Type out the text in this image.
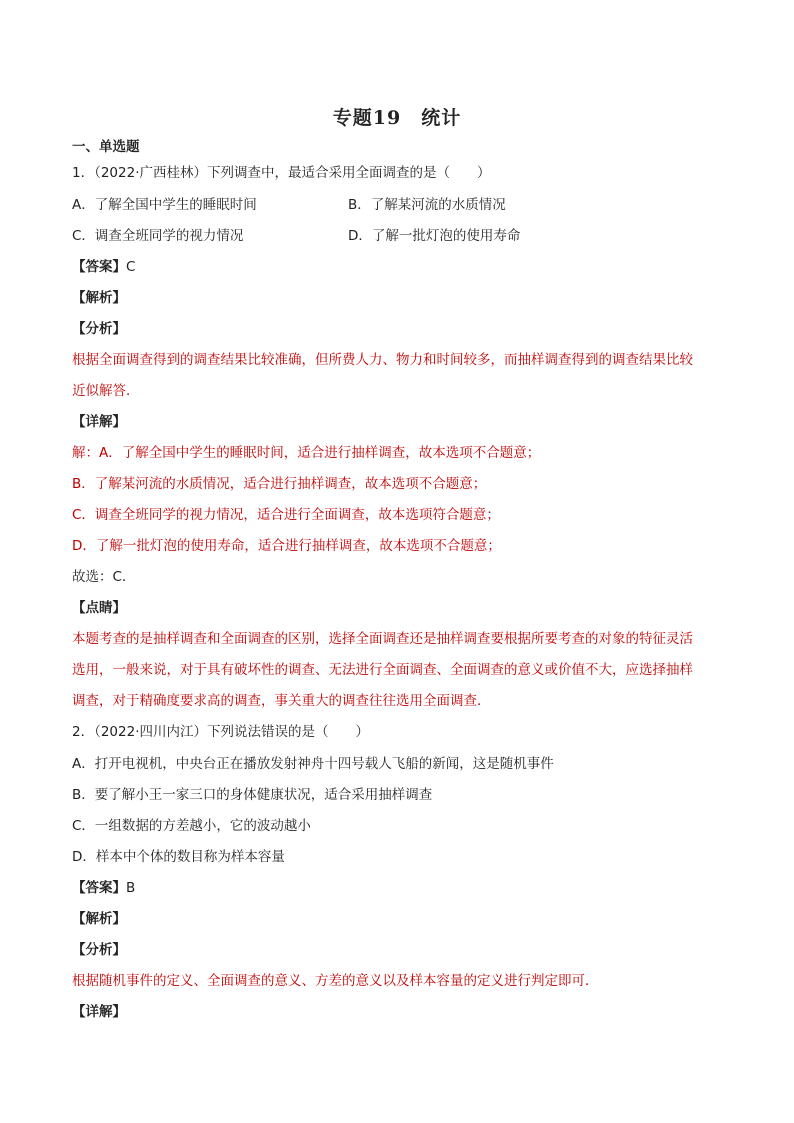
专题19　统计
一、单选题
1．（2022·广西桂林）下列调查中，最适合采用全面调查的是（　　）
A．了解全国中学生的睡眠时间	B．了解某河流的水质情况
C．调查全班同学的视力情况	D．了解一批灯泡的使用寿命
【答案】C
【解析】
【分析】
根据全面调查得到的调查结果比较准确，但所费人力、物力和时间较多，而抽样调查得到的调查结果比较
近似解答．
【详解】
解：A．了解全国中学生的睡眠时间，适合进行抽样调查，故本选项不合题意；
B．了解某河流的水质情况，适合进行抽样调查，故本选项不合题意；
C．调查全班同学的视力情况，适合进行全面调查，故本选项符合题意；
D．了解一批灯泡的使用寿命，适合进行抽样调查，故本选项不合题意；
故选：C．
【点睛】
本题考查的是抽样调查和全面调查的区别，选择全面调查还是抽样调查要根据所要考查的对象的特征灵活
选用，一般来说，对于具有破坏性的调查、无法进行全面调查、全面调查的意义或价值不大，应选择抽样
调查，对于精确度要求高的调查，事关重大的调查往往选用全面调查．
2．（2022·四川内江）下列说法错误的是（　　）
A．打开电视机，中央台正在播放发射神舟十四号载人飞船的新闻，这是随机事件
B．要了解小王一家三口的身体健康状况，适合采用抽样调查
C．一组数据的方差越小，它的波动越小
D．样本中个体的数目称为样本容量
【答案】B
【解析】
【分析】
根据随机事件的定义、全面调查的意义、方差的意义以及样本容量的定义进行判定即可．
【详解】
